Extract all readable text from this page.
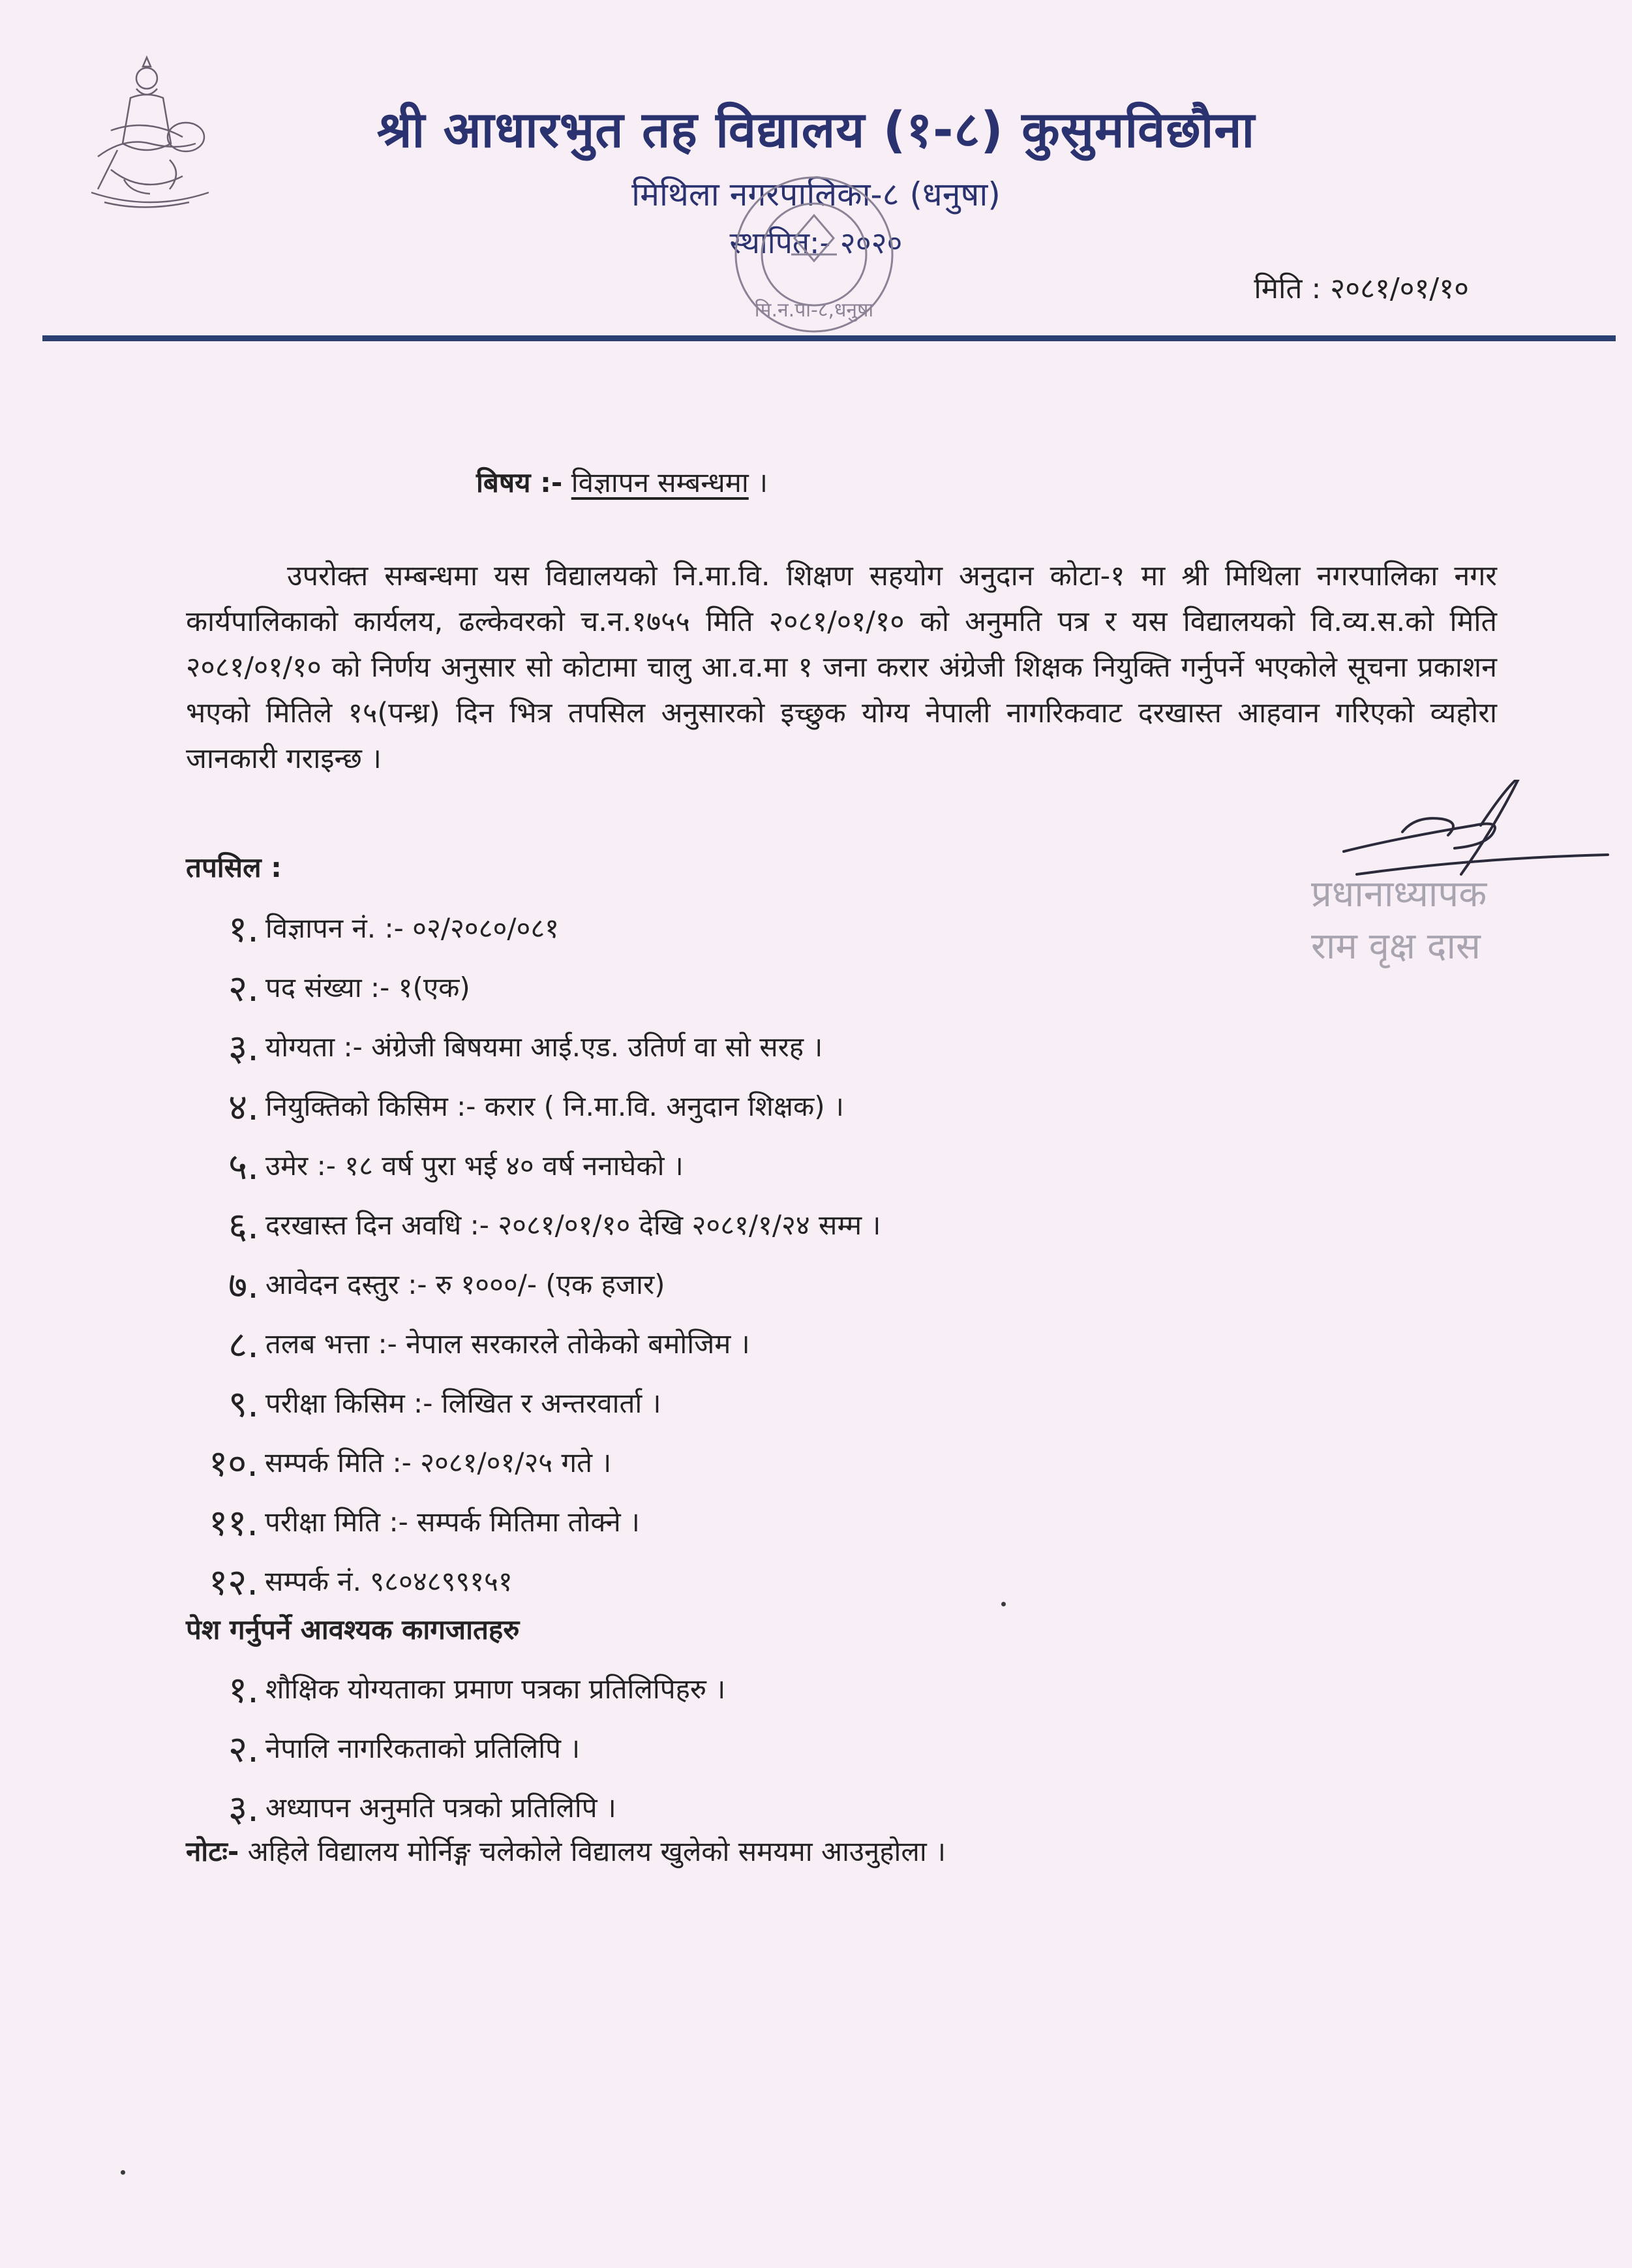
श्री आधारभुत तह विद्यालय (१-८) कुसुमविछौना
मिथिला नगरपालिका-८ (धनुषा)
स्थापित:- २०२०
मि.न.पा-८,धनुषा
मिति : २०८१/०१/१०
बिषय :- विज्ञापन सम्बन्धमा ।
उपरोक्त सम्बन्धमा यस विद्यालयको नि.मा.वि. शिक्षण सहयोग अनुदान कोटा-१ मा श्री मिथिला नगरपालिका नगर कार्यपालिकाको कार्यलय, ढल्केवरको च.न.१७५५ मिति २०८१/०१/१० को अनुमति पत्र र यस विद्यालयको वि.व्य.स.को मिति २०८१/०१/१० को निर्णय अनुसार सो कोटामा चालु आ.व.मा १ जना करार अंग्रेजी शिक्षक नियुक्ति गर्नुपर्ने भएकोले सूचना प्रकाशन भएको मितिले १५(पन्ध्र) दिन भित्र तपसिल अनुसारको इच्छुक योग्य नेपाली नागरिकवाट दरखास्त आहवान गरिएको व्यहोरा जानकारी गराइन्छ ।
प्रधानाध्यापक
राम वृक्ष दास
तपसिल :
१. विज्ञापन नं. :- ०२/२०८०/०८१
२. पद संख्या :- १(एक)
३. योग्यता :- अंग्रेजी बिषयमा आई.एड. उतिर्ण वा सो सरह ।
४. नियुक्तिको किसिम :- करार ( नि.मा.वि. अनुदान शिक्षक) ।
५. उमेर :- १८ वर्ष पुरा भई ४० वर्ष ननाघेको ।
६. दरखास्त दिन अवधि :- २०८१/०१/१० देखि २०८१/१/२४ सम्म ।
७. आवेदन दस्तुर :- रु १०००/- (एक हजार)
८. तलब भत्ता :- नेपाल सरकारले तोकेको बमोजिम ।
९. परीक्षा किसिम :- लिखित र अन्तरवार्ता ।
१०. सम्पर्क मिति :- २०८१/०१/२५ गते ।
११. परीक्षा मिति :- सम्पर्क मितिमा तोक्ने ।
१२. सम्पर्क नं. ९८०४८९९१५१
पेश गर्नुपर्ने आवश्यक कागजातहरु
१. शौक्षिक योग्यताका प्रमाण पत्रका प्रतिलिपिहरु ।
२. नेपालि नागरिकताको प्रतिलिपि ।
३. अध्यापन अनुमति पत्रको प्रतिलिपि ।
नोटः- अहिले विद्यालय मोर्निङ्ग चलेकोले विद्यालय खुलेको समयमा आउनुहोला ।
